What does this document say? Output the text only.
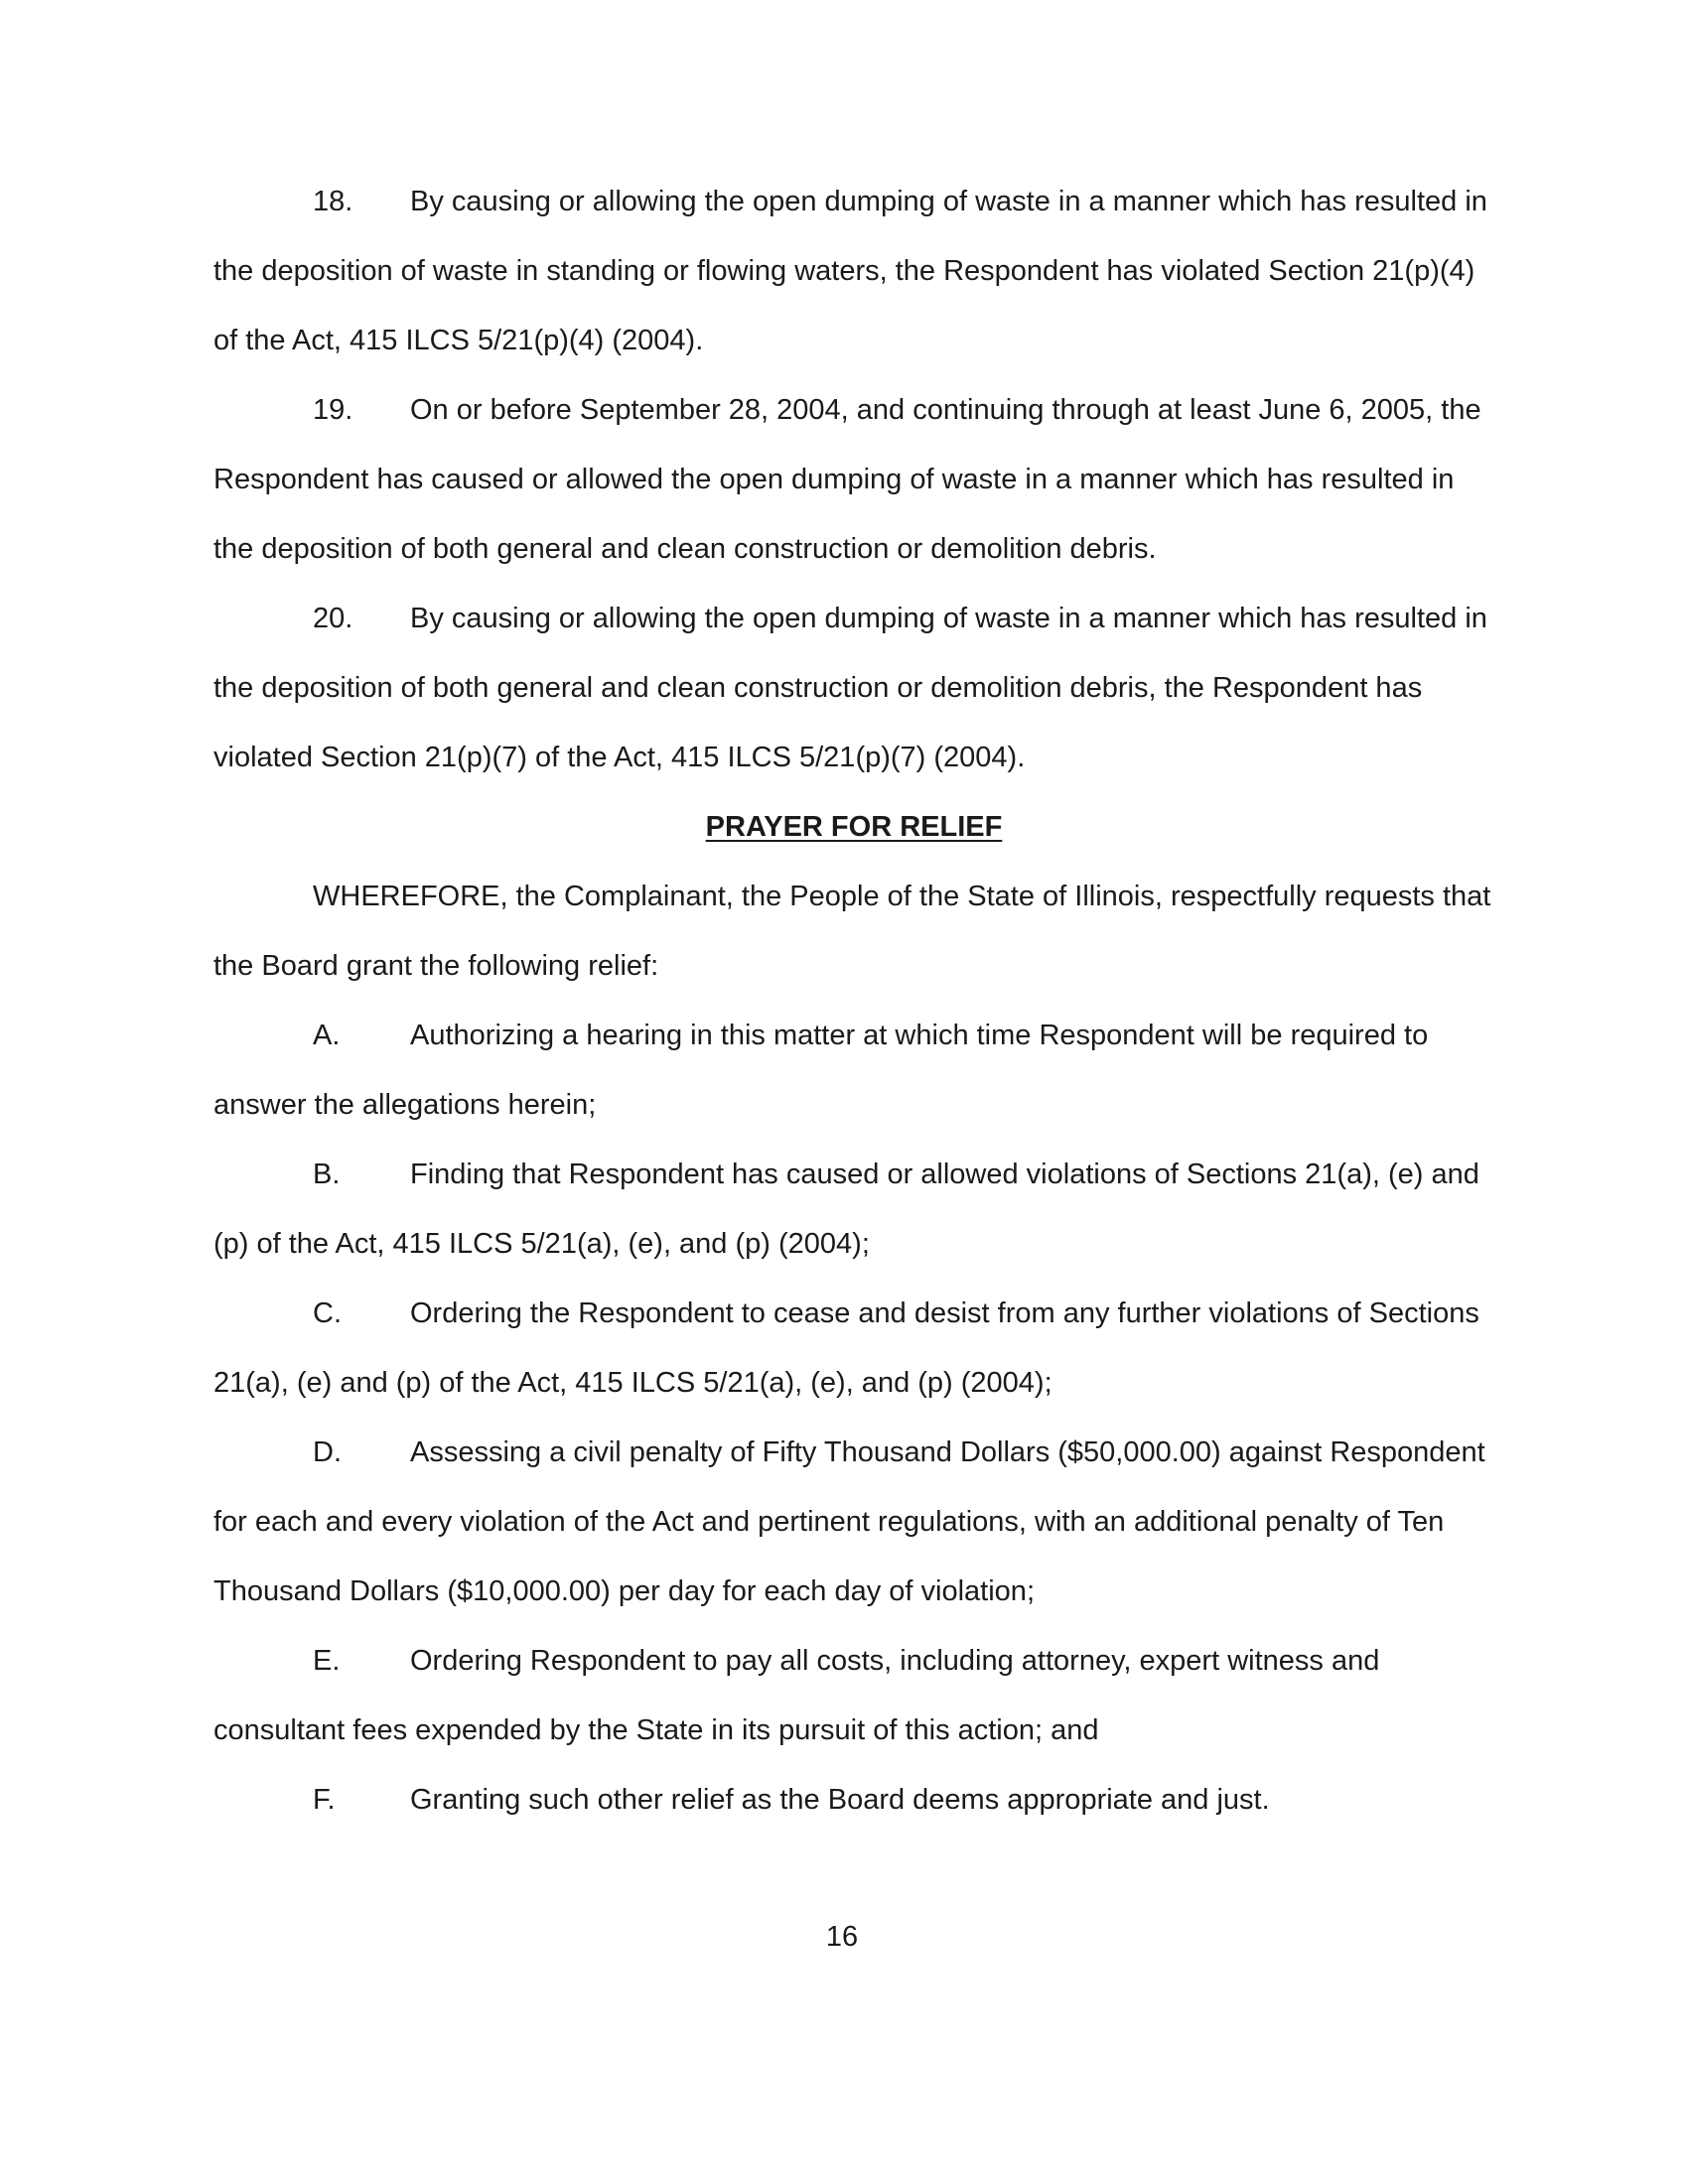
18. By causing or allowing the open dumping of waste in a manner which has resulted in the deposition of waste in standing or flowing waters, the Respondent has violated Section 21(p)(4) of the Act, 415 ILCS 5/21(p)(4) (2004).

19. On or before September 28, 2004, and continuing through at least June 6, 2005, the Respondent has caused or allowed the open dumping of waste in a manner which has resulted in the deposition of both general and clean construction or demolition debris.

20. By causing or allowing the open dumping of waste in a manner which has resulted in the deposition of both general and clean construction or demolition debris, the Respondent has violated Section 21(p)(7) of the Act, 415 ILCS 5/21(p)(7) (2004).

PRAYER FOR RELIEF

WHEREFORE, the Complainant, the People of the State of Illinois, respectfully requests that the Board grant the following relief:

A. Authorizing a hearing in this matter at which time Respondent will be required to answer the allegations herein;

B. Finding that Respondent has caused or allowed violations of Sections 21(a), (e) and (p) of the Act, 415 ILCS 5/21(a), (e), and (p) (2004);

C. Ordering the Respondent to cease and desist from any further violations of Sections 21(a), (e) and (p) of the Act, 415 ILCS 5/21(a), (e), and (p) (2004);

D. Assessing a civil penalty of Fifty Thousand Dollars ($50,000.00) against Respondent for each and every violation of the Act and pertinent regulations, with an additional penalty of Ten Thousand Dollars ($10,000.00) per day for each day of violation;

E. Ordering Respondent to pay all costs, including attorney, expert witness and consultant fees expended by the State in its pursuit of this action; and

F.	Granting such other relief as the Board deems appropriate and just.

16
